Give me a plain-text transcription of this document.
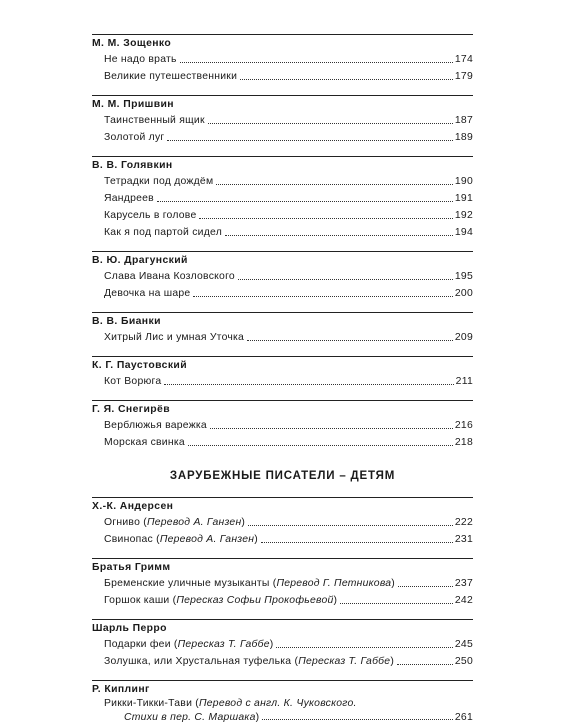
М. М. Зощенко
Не надо врать	174
Великие путешественники	179
М. М. Пришвин
Таинственный ящик	187
Золотой луг	189
В. В. Голявкин
Тетрадки под дождём	190
Яандреев	191
Карусель в голове	192
Как я под партой сидел	194
В. Ю. Драгунский
Слава Ивана Козловского	195
Девочка на шаре	200
В. В. Бианки
Хитрый Лис и умная Уточка	209
К. Г. Паустовский
Кот Ворюга	211
Г. Я. Снегирёв
Верблюжья варежка	216
Морская свинка	218
ЗАРУБЕЖНЫЕ ПИСАТЕЛИ – ДЕТЯМ
Х.-К. Андерсен
Огниво (Перевод А. Ганзен)	222
Свинопас (Перевод А. Ганзен)	231
Братья Гримм
Бременские уличные музыканты (Перевод Г. Петникова)	237
Горшок каши (Пересказ Софьи Прокофьевой)	242
Шарль Перро
Подарки феи (Пересказ Т. Габбе)	245
Золушка, или Хрустальная туфелька (Пересказ Т. Габбе)	250
Р. Киплинг
Рикки-Тикки-Тави (Перевод с англ. К. Чуковского.
Стихи в пер. С. Маршака)	261
